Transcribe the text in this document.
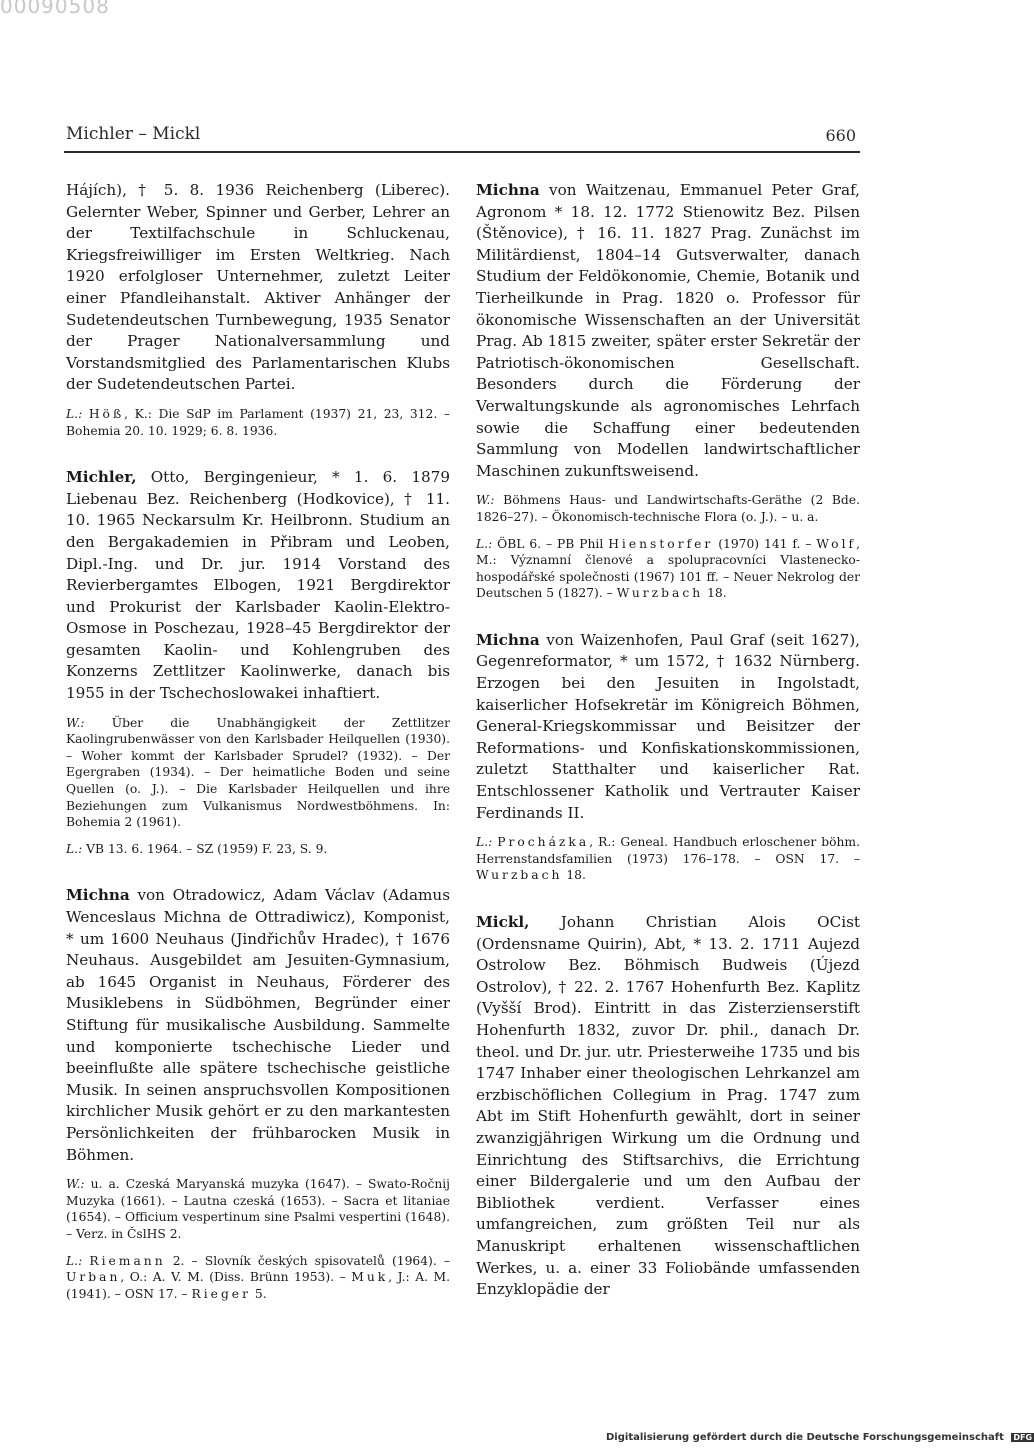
00090508
Michler – Mickl	660

Hájích), † 5. 8. 1936 Reichenberg (Liberec). Gelernter Weber, Spinner und Gerber, Lehrer an der Textilfachschule in Schluckenau, Kriegsfreiwilliger im Ersten Weltkrieg. Nach 1920 erfolgloser Unternehmer, zuletzt Leiter einer Pfandleihanstalt. Aktiver Anhänger der Sudetendeutschen Turnbewegung, 1935 Senator der Prager Nationalversammlung und Vorstandsmitglied des Parlamentarischen Klubs der Sudetendeutschen Partei.

L.: Höß, K.: Die SdP im Parlament (1937) 21, 23, 312. – Bohemia 20. 10. 1929; 6. 8. 1936.

Michler, Otto, Bergingenieur, * 1. 6. 1879 Liebenau Bez. Reichenberg (Hodkovice), † 11. 10. 1965 Neckarsulm Kr. Heilbronn. Studium an den Bergakademien in Přibram und Leoben, Dipl.-Ing. und Dr. jur. 1914 Vorstand des Revierbergamtes Elbogen, 1921 Bergdirektor und Prokurist der Karlsbader Kaolin-Elektro-Osmose in Poschezau, 1928–45 Bergdirektor der gesamten Kaolin- und Kohlengruben des Konzerns Zettlitzer Kaolinwerke, danach bis 1955 in der Tschechoslowakei inhaftiert.

W.: Über die Unabhängigkeit der Zettlitzer Kaolingrubenwässer von den Karlsbader Heilquellen (1930). – Woher kommt der Karlsbader Sprudel? (1932). – Der Egergraben (1934). – Der heimatliche Boden und seine Quellen (o. J.). – Die Karlsbader Heilquellen und ihre Beziehungen zum Vulkanismus Nordwestböhmens. In: Bohemia 2 (1961).

L.: VB 13. 6. 1964. – SZ (1959) F. 23, S. 9.

Michna von Otradowicz, Adam Václav (Adamus Wenceslaus Michna de Ottradiwicz), Komponist, * um 1600 Neuhaus (Jindřichův Hradec), † 1676 Neuhaus. Ausgebildet am Jesuiten-Gymnasium, ab 1645 Organist in Neuhaus, Förderer des Musiklebens in Südböhmen, Begründer einer Stiftung für musikalische Ausbildung. Sammelte und komponierte tschechische Lieder und beeinflußte alle spätere tschechische geistliche Musik. In seinen anspruchsvollen Kompositionen kirchlicher Musik gehört er zu den markantesten Persönlichkeiten der frühbarocken Musik in Böhmen.

W.: u. a. Czeská Maryanská muzyka (1647). – Swato-Ročnij Muzyka (1661). – Lautna czeská (1653). – Sacra et litaniae (1654). – Officium vespertinum sine Psalmi vespertini (1648). – Verz. in ČslHS 2.

L.: Riemann 2. – Slovník českých spisovatelů (1964). – Urban, O.: A. V. M. (Diss. Brünn 1953). – Muk, J.: A. M. (1941). – OSN 17. – Rieger 5.

Michna von Waitzenau, Emmanuel Peter Graf, Agronom * 18. 12. 1772 Stienowitz Bez. Pilsen (Štěnovice), † 16. 11. 1827 Prag. Zunächst im Militärdienst, 1804–14 Gutsverwalter, danach Studium der Feldökonomie, Chemie, Botanik und Tierheilkunde in Prag. 1820 o. Professor für ökonomische Wissenschaften an der Universität Prag. Ab 1815 zweiter, später erster Sekretär der Patriotisch-ökonomischen Gesellschaft. Besonders durch die Förderung der Verwaltungskunde als agronomisches Lehrfach sowie die Schaffung einer bedeutenden Sammlung von Modellen landwirtschaftlicher Maschinen zukunftsweisend.

W.: Böhmens Haus- und Landwirtschafts-Geräthe (2 Bde. 1826–27). – Ökonomisch-technische Flora (o. J.). – u. a.

L.: ÖBL 6. – PB Phil Hienstorfer (1970) 141 f. – Wolf, M.: Významní členové a spolupracovníci Vlastenecko-hospodářské společnosti (1967) 101 ff. – Neuer Nekrolog der Deutschen 5 (1827). – Wurzbach 18.

Michna von Waizenhofen, Paul Graf (seit 1627), Gegenreformator, * um 1572, † 1632 Nürnberg. Erzogen bei den Jesuiten in Ingolstadt, kaiserlicher Hofsekretär im Königreich Böhmen, General-Kriegskommissar und Beisitzer der Reformations- und Konfiskationskommissionen, zuletzt Statthalter und kaiserlicher Rat. Entschlossener Katholik und Vertrauter Kaiser Ferdinands II.

L.: Procházka, R.: Geneal. Handbuch erloschener böhm. Herrenstandsfamilien (1973) 176–178. – OSN 17. – Wurzbach 18.

Mickl, Johann Christian Alois OCist (Ordensname Quirin), Abt, * 13. 2. 1711 Aujezd Ostrolow Bez. Böhmisch Budweis (Újezd Ostrolov), † 22. 2. 1767 Hohenfurth Bez. Kaplitz (Vyšší Brod). Eintritt in das Zisterzienserstift Hohenfurth 1832, zuvor Dr. phil., danach Dr. theol. und Dr. jur. utr. Priesterweihe 1735 und bis 1747 Inhaber einer theologischen Lehrkanzel am erzbischöflichen Collegium in Prag. 1747 zum Abt im Stift Hohenfurth gewählt, dort in seiner zwanzigjährigen Wirkung um die Ordnung und Einrichtung des Stiftsarchivs, die Errichtung einer Bildergalerie und um den Aufbau der Bibliothek verdient. Verfasser eines umfangreichen, zum größten Teil nur als Manuskript erhaltenen wissenschaftlichen Werkes, u. a. einer 33 Foliobände umfassenden Enzyklopädie der

Digitalisierung gefördert durch die Deutsche Forschungsgemeinschaft DFG
